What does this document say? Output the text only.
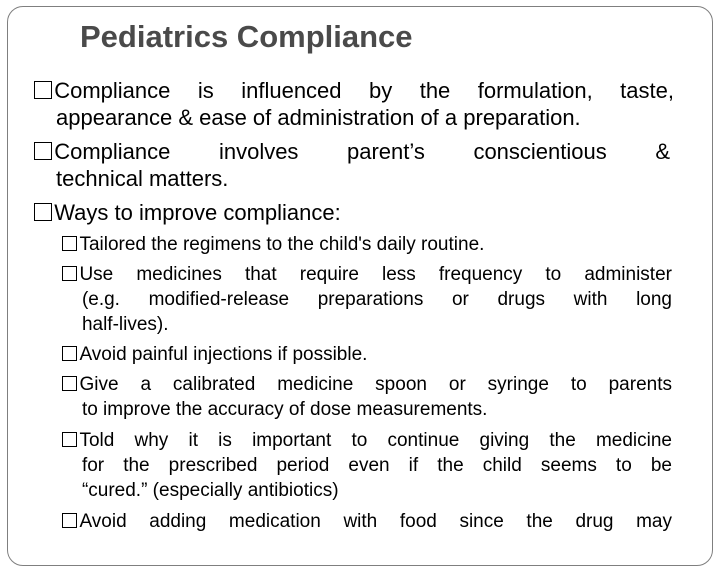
Pediatrics Compliance
Compliance is influenced by the formulation, taste,
appearance & ease of administration of a preparation.
Compliance involves parent’s conscientious &
technical matters.
Ways to improve compliance:
Tailored the regimens to the child's daily routine.
Use medicines that require less frequency to administer
(e.g. modified-release preparations or drugs with long
half-lives).
Avoid painful injections if possible.
Give a calibrated medicine spoon or syringe to parents
to improve the accuracy of dose measurements.
Told why it is important to continue giving the medicine
for the prescribed period even if the child seems to be
“cured.” (especially antibiotics)
Avoid adding medication with food since the drug may
